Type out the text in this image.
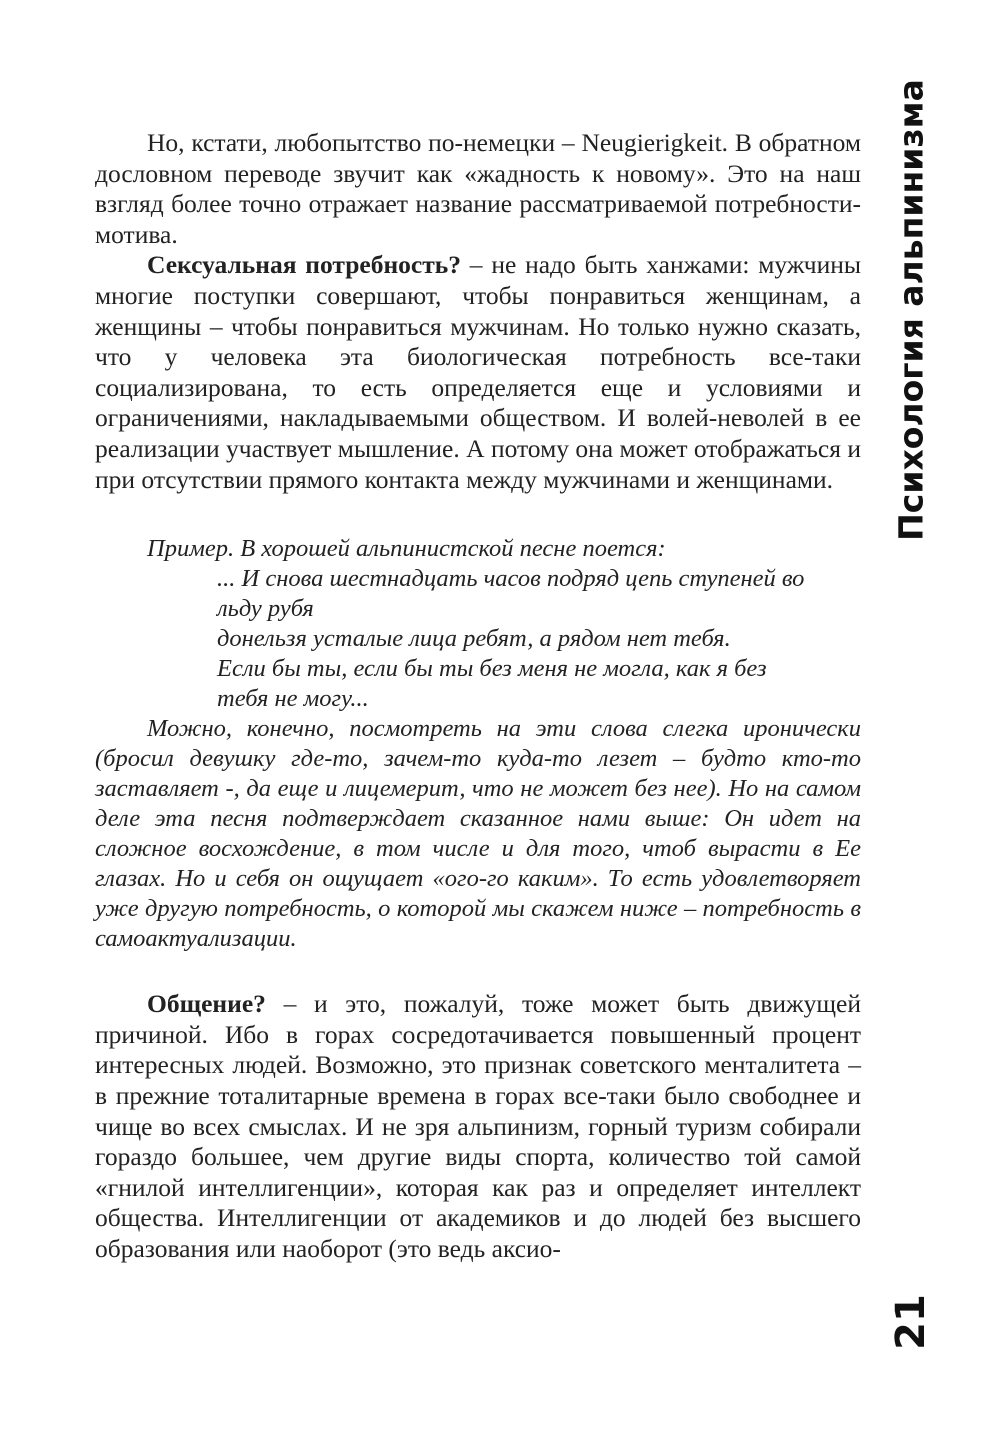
Психология альпинизма

Но, кстати, любопытство по-немецки – Neugierigkeit. В обратном дословном переводе звучит как «жадность к новому». Это на наш взгляд более точно отражает название рассматриваемой потребности-мотива.

Сексуальная потребность? – не надо быть ханжами: мужчины многие поступки совершают, чтобы понравиться женщинам, а женщины – чтобы понравиться мужчинам. Но только нужно сказать, что у человека эта биологическая потребность все-таки социализирована, то есть определяется еще и условиями и ограничениями, накладываемыми обществом. И волей-неволей в ее реализации участвует мышление. А потому она может отображаться и при отсутствии прямого контакта между мужчинами и женщинами.

Пример. В хорошей альпинистской песне поется:

... И снова шестнадцать часов подряд цепь ступеней во льду рубя

донельзя усталые лица ребят, а рядом нет тебя.

Если бы ты, если бы ты без меня не могла, как я без тебя не могу...

Можно, конечно, посмотреть на эти слова слегка иронически (бросил девушку где-то, зачем-то куда-то лезет – будто кто-то заставляет -, да еще и лицемерит, что не может без нее). Но на самом деле эта песня подтверждает сказанное нами выше: Он идет на сложное восхождение, в том числе и для того, чтоб вырасти в Ее глазах. Но и себя он ощущает «ого-го каким». То есть удовлетворяет уже другую потребность, о которой мы скажем ниже – потребность в самоактуализации.

Общение? – и это, пожалуй, тоже может быть движущей причиной. Ибо в горах сосредотачивается повышенный процент интересных людей. Возможно, это признак советского менталитета – в прежние тоталитарные времена в горах все-таки было свободнее и чище во всех смыслах. И не зря альпинизм, горный туризм собирали гораздо большее, чем другие виды спорта, количество той самой «гнилой интеллигенции», которая как раз и определяет интеллект общества. Интеллигенции от академиков и до людей без высшего образования или наоборот (это ведь аксио-

21
